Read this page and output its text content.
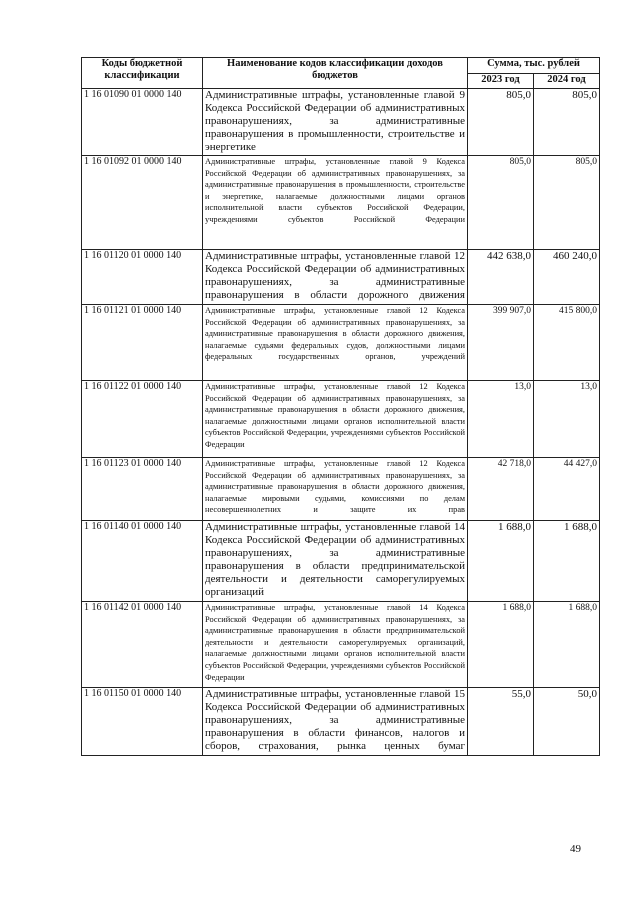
Коды бюджетной классификации	Наименование кодов классификации доходов бюджетов	Сумма, тыс. рублей	
		2023 год	2024 год
1 16 01090 01 0000 140	Административные штрафы, установленные главой 9 Кодекса Российской Федерации об административных правонарушениях, за административные правонарушения в промышленности, строительстве и энергетике	805,0	805,0
1 16 01092 01 0000 140	Административные штрафы, установленные главой 9 Кодекса Российской Федерации об административных правонарушениях, за административные правонарушения в промышленности, строительстве и энергетике, налагаемые должностными лицами органов исполнительной власти субъектов Российской Федерации, учреждениями субъектов Российской Федерации	805,0	805,0
1 16 01120 01 0000 140	Административные штрафы, установленные главой 12 Кодекса Российской Федерации об административных правонарушениях, за административные правонарушения в области дорожного движения	442 638,0	460 240,0
1 16 01121 01 0000 140	Административные штрафы, установленные главой 12 Кодекса Российской Федерации об административных правонарушениях, за административные правонарушения в области дорожного движения, налагаемые судьями федеральных судов, должностными лицами федеральных государственных органов, учреждений	399 907,0	415 800,0
1 16 01122 01 0000 140	Административные штрафы, установленные главой 12 Кодекса Российской Федерации об административных правонарушениях, за административные правонарушения в области дорожного движения, налагаемые должностными лицами органов исполнительной власти субъектов Российской Федерации, учреждениями субъектов Российской Федерации	13,0	13,0
1 16 01123 01 0000 140	Административные штрафы, установленные главой 12 Кодекса Российской Федерации об административных правонарушениях, за административные правонарушения в области дорожного движения, налагаемые мировыми судьями, комиссиями по делам несовершеннолетних и защите их прав	42 718,0	44 427,0
1 16 01140 01 0000 140	Административные штрафы, установленные главой 14 Кодекса Российской Федерации об административных правонарушениях, за административные правонарушения в области предпринимательской деятельности и деятельности саморегулируемых организаций	1 688,0	1 688,0
1 16 01142 01 0000 140	Административные штрафы, установленные главой 14 Кодекса Российской Федерации об административных правонарушениях, за административные правонарушения в области предпринимательской деятельности и деятельности саморегулируемых организаций, налагаемые должностными лицами органов исполнительной власти субъектов Российской Федерации, учреждениями субъектов Российской Федерации	1 688,0	1 688,0
1 16 01150 01 0000 140	Административные штрафы, установленные главой 15 Кодекса Российской Федерации об административных правонарушениях, за административные правонарушения в области финансов, налогов и сборов, страхования, рынка ценных бумаг	55,0	50,0
49
